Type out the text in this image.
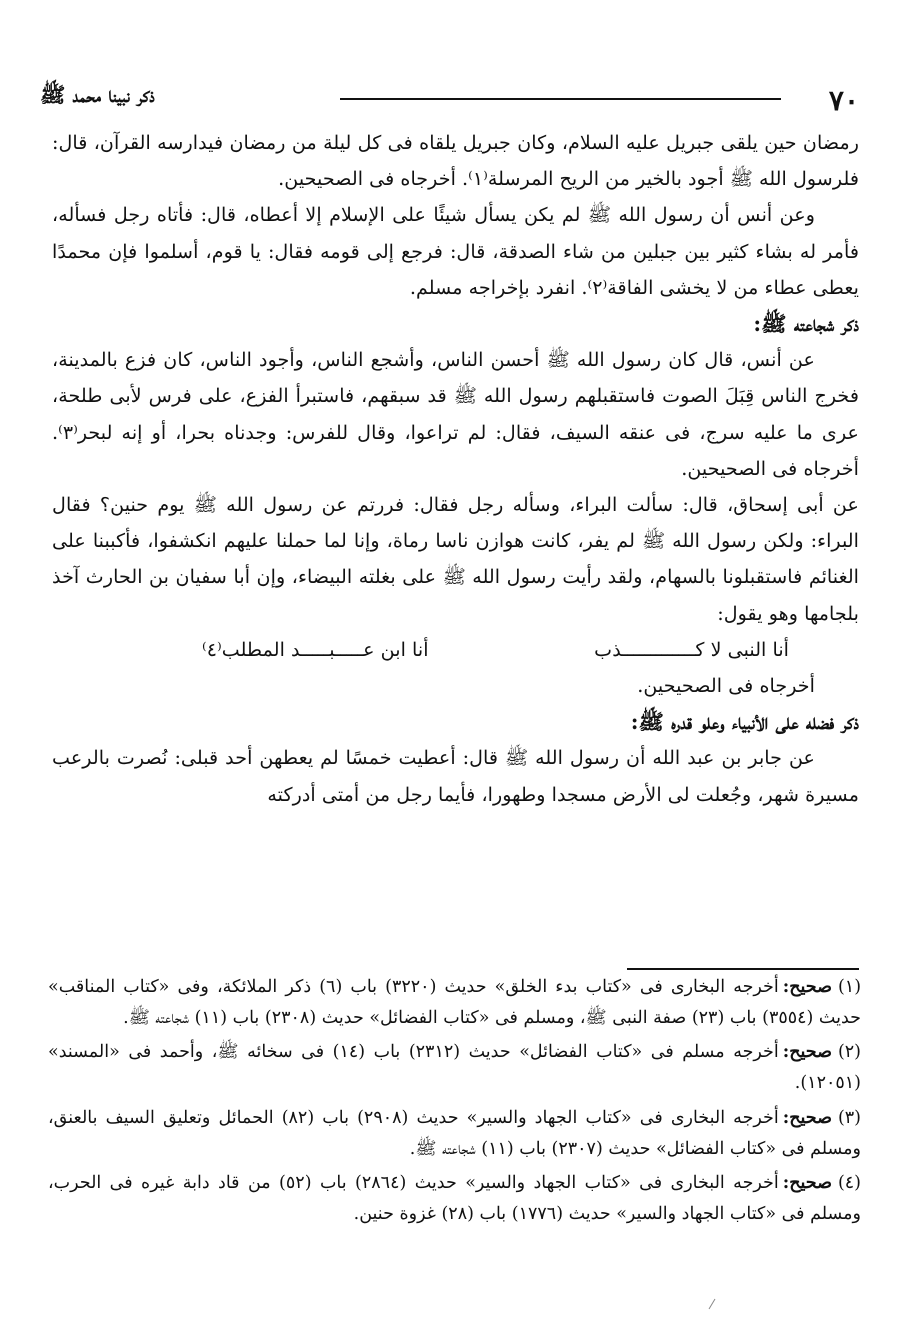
٧٠
ذكر نبينا محمد ﷺ

رمضان حين يلقى جبريل عليه السلام، وكان جبريل يلقاه فى كل ليلة من رمضان فيدارسه القرآن، قال: فلرسول الله ﷺ أجود بالخير من الريح المرسلة⁽١⁾. أخرجاه فى الصحيحين.

وعن أنس أن رسول الله ﷺ لم يكن يسأل شيئًا على الإسلام إلا أعطاه، قال: فأتاه رجل فسأله، فأمر له بشاء كثير بين جبلين من شاء الصدقة، قال: فرجع إلى قومه فقال: يا قوم، أسلموا فإن محمدًا يعطى عطاء من لا يخشى الفاقة⁽٢⁾. انفرد بإخراجه مسلم.

ذكر شجاعته ﷺ:

عن أنس، قال كان رسول الله ﷺ أحسن الناس، وأشجع الناس، وأجود الناس، كان فزع بالمدينة، فخرج الناس قِبَلَ الصوت فاستقبلهم رسول الله ﷺ قد سبقهم، فاستبرأ الفزع، على فرس لأبى طلحة، عرى ما عليه سرج، فى عنقه السيف، فقال: لم تراعوا، وقال للفرس: وجدناه بحرا، أو إنه لبحر⁽٣⁾. أخرجاه فى الصحيحين.

عن أبى إسحاق، قال: سألت البراء، وسأله رجل فقال: فررتم عن رسول الله ﷺ يوم حنين؟ فقال البراء: ولكن رسول الله ﷺ لم يفر، كانت هوازن ناسا رماة، وإنا لما حملنا عليهم انكشفوا، فأكببنا على الغنائم فاستقبلونا بالسهام، ولقد رأيت رسول الله ﷺ على بغلته البيضاء، وإن أبا سفيان بن الحارث آخذ بلجامها وهو يقول:

أنا النبى لا كـــــــــــــذب
أنا ابن عـــــبـــــد المطلب⁽٤⁾

أخرجاه فى الصحيحين.

ذكر فضله على الأنبياء وعلو قدره ﷺ:

عن جابر بن عبد الله أن رسول الله ﷺ قال: أعطيت خمسًا لم يعطهن أحد قبلى: نُصرت بالرعب مسيرة شهر، وجُعلت لى الأرض مسجدا وطهورا، فأيما رجل من أمتى أدركته

(١)صحيح:أخرجه البخارى فى «كتاب بدء الخلق» حديث (٣٢٢٠) باب (٦) ذكر الملائكة، وفى «كتاب المناقب» حديث (٣٥٥٤) باب (٢٣) صفة النبى ﷺ، ومسلم فى «كتاب الفضائل» حديث (٢٣٠٨) باب (١١) شجاعته ﷺ.

(٢)صحيح:أخرجه مسلم فى «كتاب الفضائل» حديث (٢٣١٢) باب (١٤) فى سخائه ﷺ، وأحمد فى «المسند» (١٢٠٥١).

(٣)صحيح:أخرجه البخارى فى «كتاب الجهاد والسير» حديث (٢٩٠٨) باب (٨٢) الحمائل وتعليق السيف بالعنق، ومسلم فى «كتاب الفضائل» حديث (٢٣٠٧) باب (١١) شجاعته ﷺ.

(٤)صحيح:أخرجه البخارى فى «كتاب الجهاد والسير» حديث (٢٨٦٤) باب (٥٢) من قاد دابة غيره فى الحرب، ومسلم فى «كتاب الجهاد والسير» حديث (١٧٧٦) باب (٢٨) غزوة حنين.
